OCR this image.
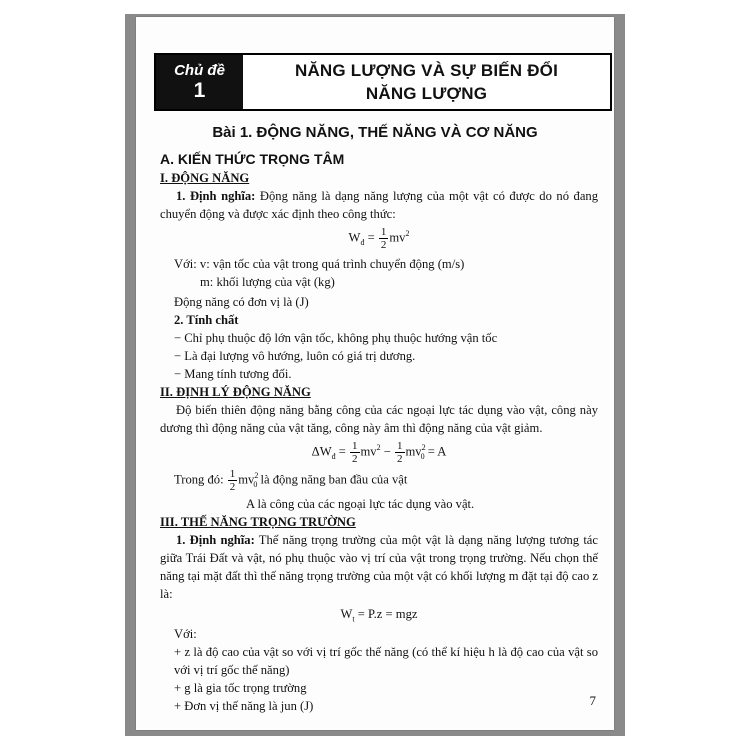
Chủ đề
1
NĂNG LƯỢNG VÀ SỰ BIẾN ĐỔI
NĂNG LƯỢNG
Bài 1. ĐỘNG NĂNG, THẾ NĂNG VÀ CƠ NĂNG

A. KIẾN THỨC TRỌNG TÂM

I. ĐỘNG NĂNG

1. Định nghĩa: Động năng là dạng năng lượng của một vật có được do nó đang chuyển động và được xác định theo công thức:

$W_đ = \frac{1}{2} mv^2$

Với: v: vận tốc của vật trong quá trình chuyển động (m/s)

m: khối lượng của vật (kg)

Động năng có đơn vị là (J)

2. Tính chất

− Chỉ phụ thuộc độ lớn vận tốc, không phụ thuộc hướng vận tốc

− Là đại lượng vô hướng, luôn có giá trị dương.

− Mang tính tương đối.

II. ĐỊNH LÝ ĐỘNG NĂNG

Độ biến thiên động năng bằng công của các ngoại lực tác dụng vào vật, công này dương thì động năng của vật tăng, công này âm thì động năng của vật giảm.

$\Delta W_đ = \frac{1}{2} mv^2 - \frac{1}{2} mv^2_0 = A$

Trong đó: $\frac{1}{2} mv^2_0$ là động năng ban đầu của vật

A là công của các ngoại lực tác dụng vào vật.

III. THẾ NĂNG TRỌNG TRƯỜNG

1. Định nghĩa: Thế năng trọng trường của một vật là dạng năng lượng tương tác giữa Trái Đất và vật, nó phụ thuộc vào vị trí của vật trong trọng trường. Nếu chọn thế năng tại mặt đất thì thế năng trọng trường của một vật có khối lượng m đặt tại độ cao z là:

$W_t = P.z$ = mgz

Với:

+ z là độ cao của vật so với vị trí gốc thế năng (có thể kí hiệu h là độ cao của vật so với vị trí gốc thế năng)

+ g là gia tốc trọng trường

+ Đơn vị thế năng là jun (J)	7
